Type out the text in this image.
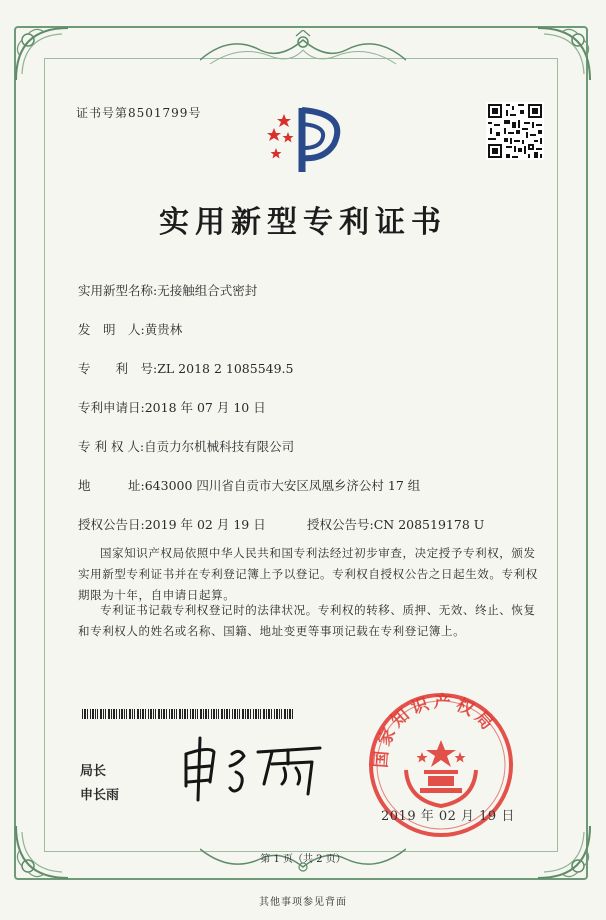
证书号第8501799号
实用新型专利证书
实用新型名称:无接触组合式密封
发　明　人:黄贵林
专　　利　号:ZL 2018 2 1085549.5
专利申请日:2018 年 07 月 10 日
专 利 权 人:自贡力尔机械科技有限公司
地　　　址:643000 四川省自贡市大安区凤凰乡济公村 17 组
授权公告日:2019 年 02 月 19 日	授权公告号:CN 208519178 U
国家知识产权局依照中华人民共和国专利法经过初步审查，决定授予专利权，颁发实用新型专利证书并在专利登记簿上予以登记。专利权自授权公告之日起生效。专利权期限为十年，自申请日起算。
专利证书记载专利权登记时的法律状况。专利权的转移、质押、无效、终止、恢复和专利权人的姓名或名称、国籍、地址变更等事项记载在专利登记簿上。
局长
申长雨
国家知识产权局
2019 年 02 月 19 日
第 1 页（共 2 页）
其他事项参见背面
